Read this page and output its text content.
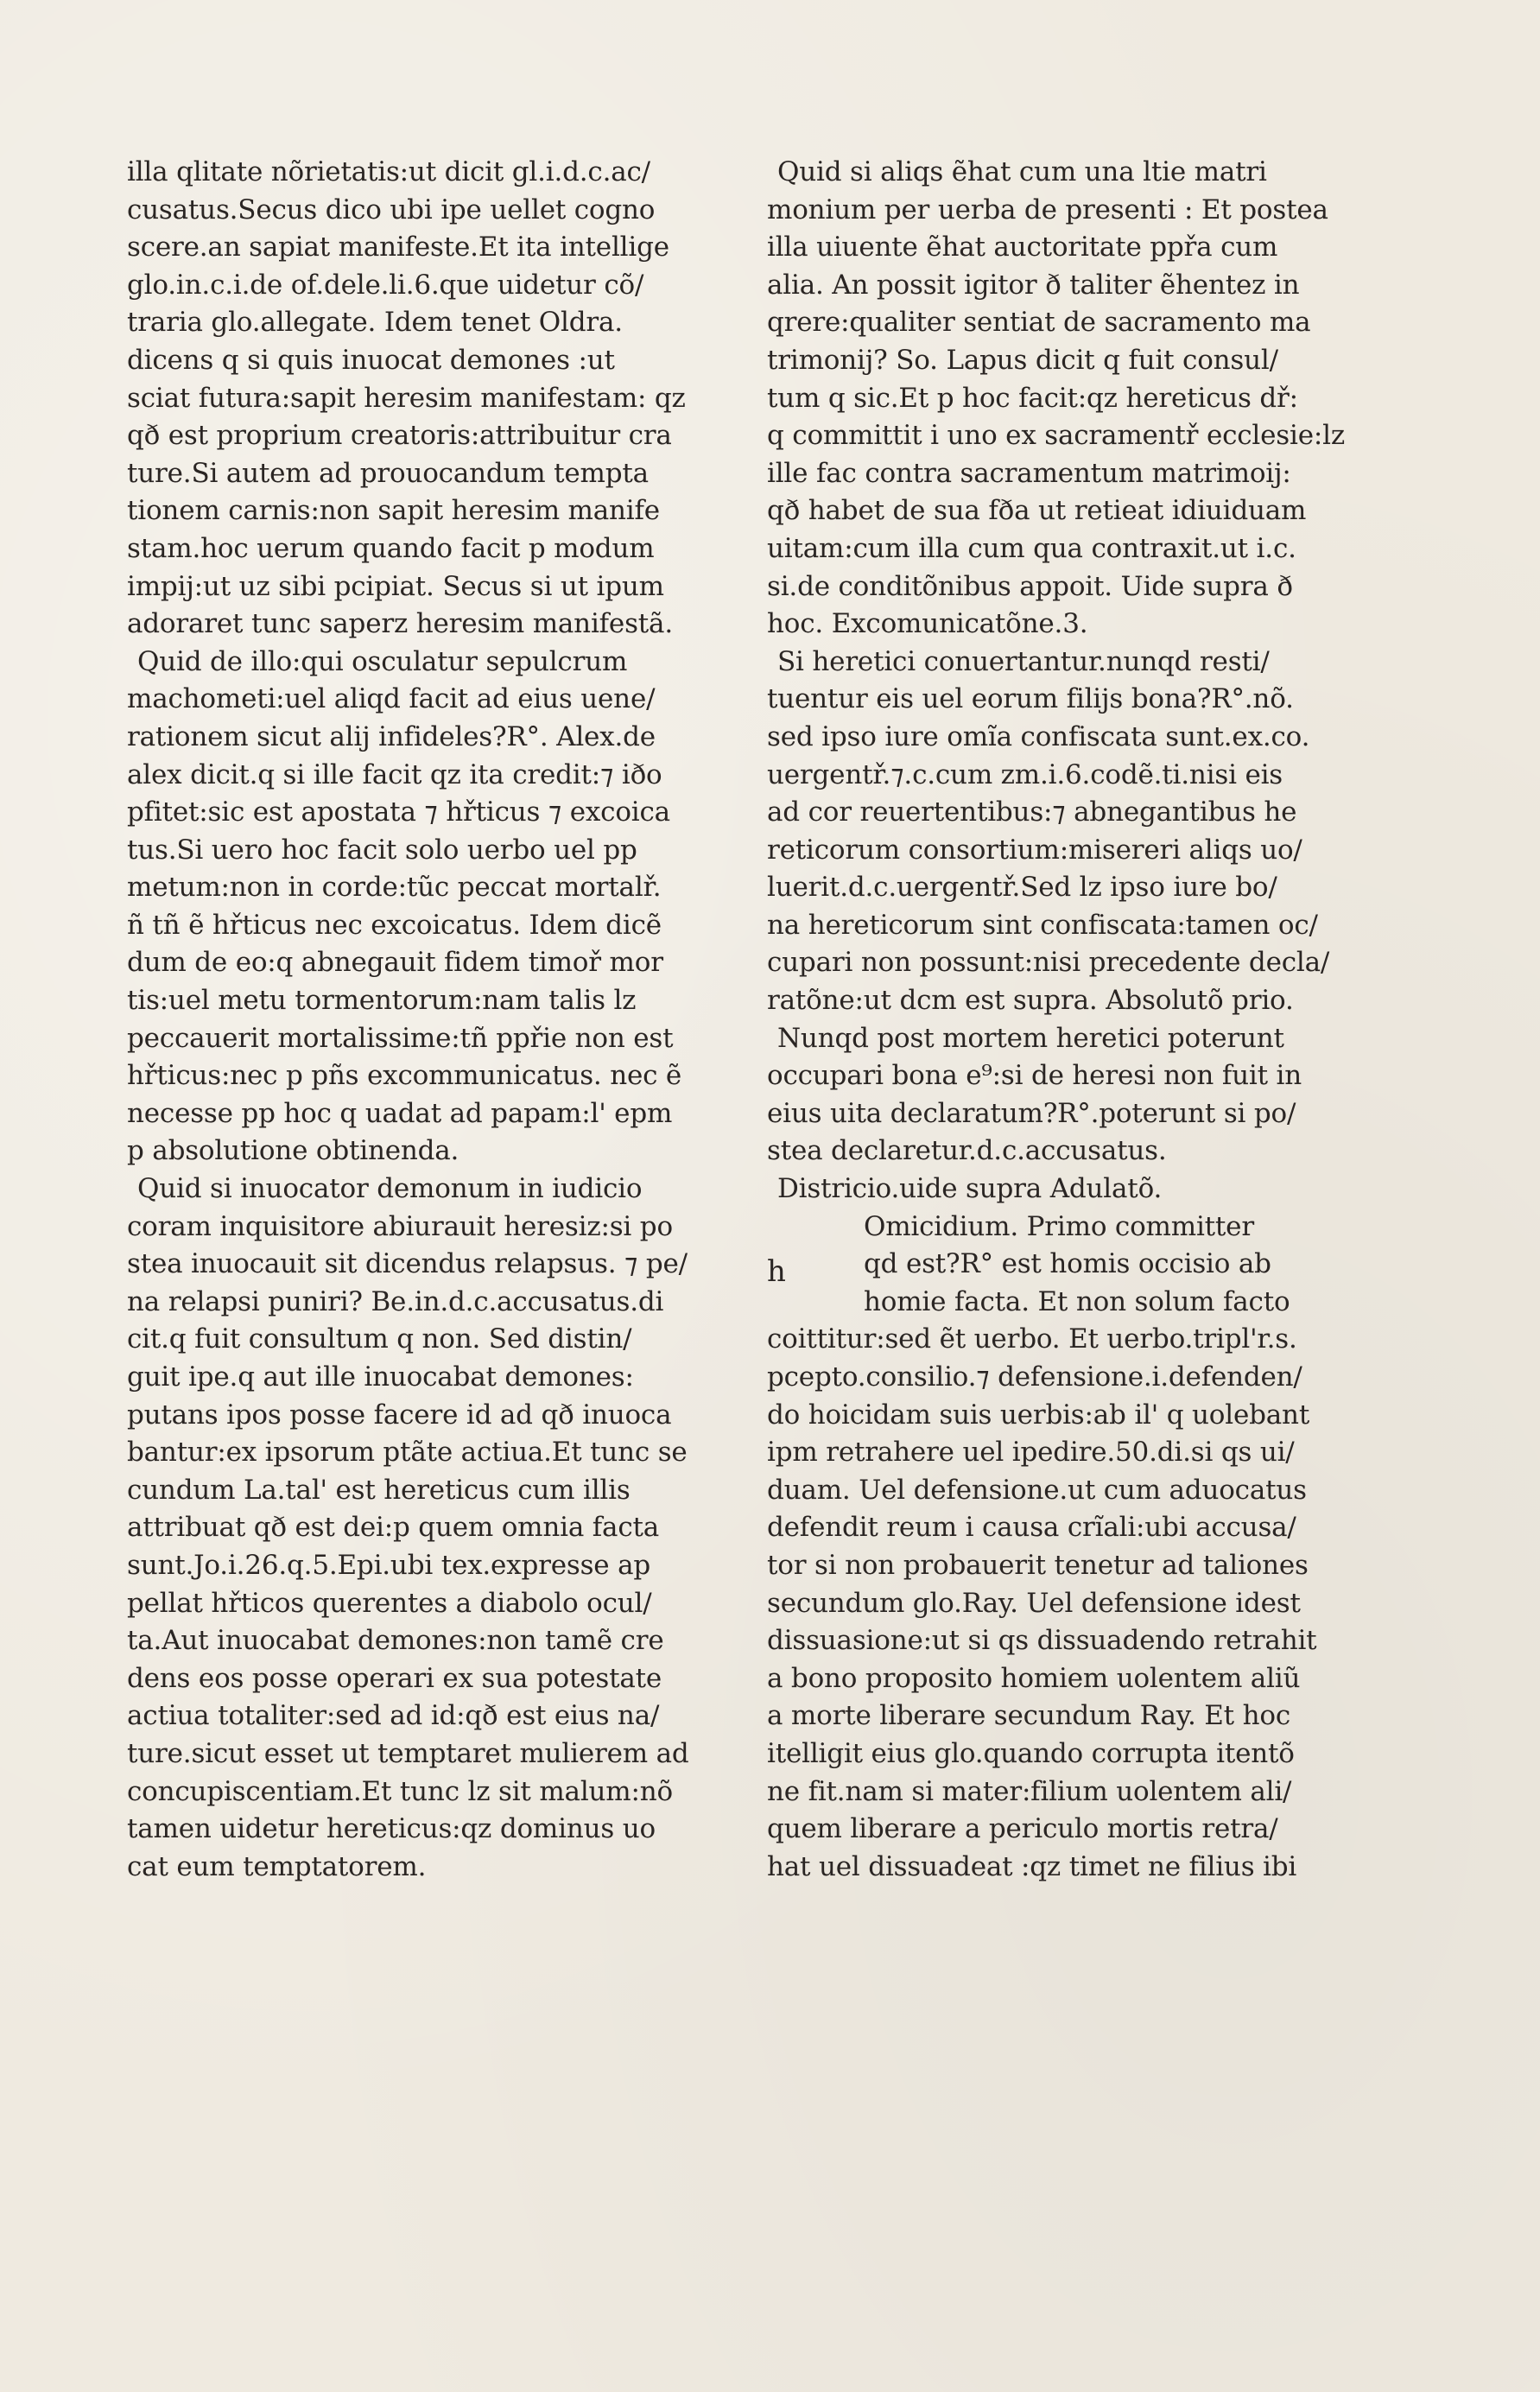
illa qlitate nõrietatis:ut dicit gl.i.d.c.ac/
cusatus.Secus dico ubi ipe uellet cogno
scere.an sapiat manifeste.Et ita intellige
glo.in.c.i.de of.dele.li.6.que uidetur cõ/
traria glo.allegate. Idem tenet Oldra.
dicens q si quis inuocat demones :ut
sciat futura:sapit heresim manifestam: qz
qð est proprium creatoris:attribuitur cra
ture.Si autem ad prouocandum tempta
tionem carnis:non sapit heresim manife
stam.hoc uerum quando facit p modum
impij:ut uz sibi pcipiat. Secus si ut ipum
adoraret tunc saperz heresim manifestã.
Quid de illo:qui osculatur sepulcrum
machometi:uel aliqd facit ad eius uene/
rationem sicut alij infideles?R°. Alex.de
alex dicit.q si ille facit qz ita credit:⁊ iðo
pfitet:sic est apostata ⁊ hřticus ⁊ excoica
tus.Si uero hoc facit solo uerbo uel pp
metum:non in corde:tũc peccat mortalř.
ñ tñ ẽ hřticus nec excoicatus. Idem dicẽ
dum de eo:q abnegauit fidem timoř mor
tis:uel metu tormentorum:nam talis lz
peccauerit mortalissime:tñ ppřie non est
hřticus:nec p pñs excommunicatus. nec ẽ
necesse pp hoc q uadat ad papam:l' epm
p absolutione obtinenda.
Quid si inuocator demonum in iudicio
coram inquisitore abiurauit heresiz:si po
stea inuocauit sit dicendus relapsus. ⁊ pe/
na relapsi puniri? Be.in.d.c.accusatus.di
cit.q fuit consultum q non. Sed distin/
guit ipe.q aut ille inuocabat demones:
putans ipos posse facere id ad qð inuoca
bantur:ex ipsorum ptãte actiua.Et tunc se
cundum La.tal' est hereticus cum illis
attribuat qð est dei:p quem omnia facta
sunt.Jo.i.26.q.5.Epi.ubi tex.expresse ap
pellat hřticos querentes a diabolo ocul/
ta.Aut inuocabat demones:non tamẽ cre
dens eos posse operari ex sua potestate
actiua totaliter:sed ad id:qð est eius na/
ture.sicut esset ut temptaret mulierem ad
concupiscentiam.Et tunc lz sit malum:nõ
tamen uidetur hereticus:qz dominus uo
cat eum temptatorem.
Quid si aliqs ẽhat cum una ltie matri
monium per uerba de presenti : Et postea
illa uiuente ẽhat auctoritate ppřa cum
alia. An possit igitor ð taliter ẽhentez in
qrere:qualiter sentiat de sacramento ma
trimonij? So. Lapus dicit q fuit consul/
tum q sic.Et p hoc facit:qz hereticus dř:
q committit i uno ex sacramentř ecclesie:lz
ille fac contra sacramentum matrimoij:
qð habet de sua fða ut retieat idiuiduam
uitam:cum illa cum qua contraxit.ut i.c.
si.de conditõnibus appoit. Uide supra ð
hoc. Excomunicatõne.3.
Si heretici conuertantur.nunqd resti/
tuentur eis uel eorum filijs bona?R°.nõ.
sed ipso iure omĩa confiscata sunt.ex.co.
uergentř.⁊.c.cum zm.i.6.codẽ.ti.nisi eis
ad cor reuertentibus:⁊ abnegantibus he
reticorum consortium:misereri aliqs uo/
luerit.d.c.uergentř.Sed lz ipso iure bo/
na hereticorum sint confiscata:tamen oc/
cupari non possunt:nisi precedente decla/
ratõne:ut dcm est supra. Absolutõ prio.
Nunqd post mortem heretici poterunt
occupari bona e⁹:si de heresi non fuit in
eius uita declaratum?R°.poterunt si po/
stea declaretur.d.c.accusatus.
Districio.uide supra Adulatõ.
h
Omicidium. Primo committer
qd est?R° est homis occisio ab
homie facta. Et non solum facto
coittitur:sed ẽt uerbo. Et uerbo.tripl'r.s.
pcepto.consilio.⁊ defensione.i.defenden/
do hoicidam suis uerbis:ab il' q uolebant
ipm retrahere uel ipedire.50.di.si qs ui/
duam. Uel defensione.ut cum aduocatus
defendit reum i causa crĩali:ubi accusa/
tor si non probauerit tenetur ad taliones
secundum glo.Ray. Uel defensione idest
dissuasione:ut si qs dissuadendo retrahit
a bono proposito homiem uolentem aliũ
a morte liberare secundum Ray. Et hoc
itelligit eius glo.quando corrupta itentõ
ne fit.nam si mater:filium uolentem ali/
quem liberare a periculo mortis retra/
hat uel dissuadeat :qz timet ne filius ibi
